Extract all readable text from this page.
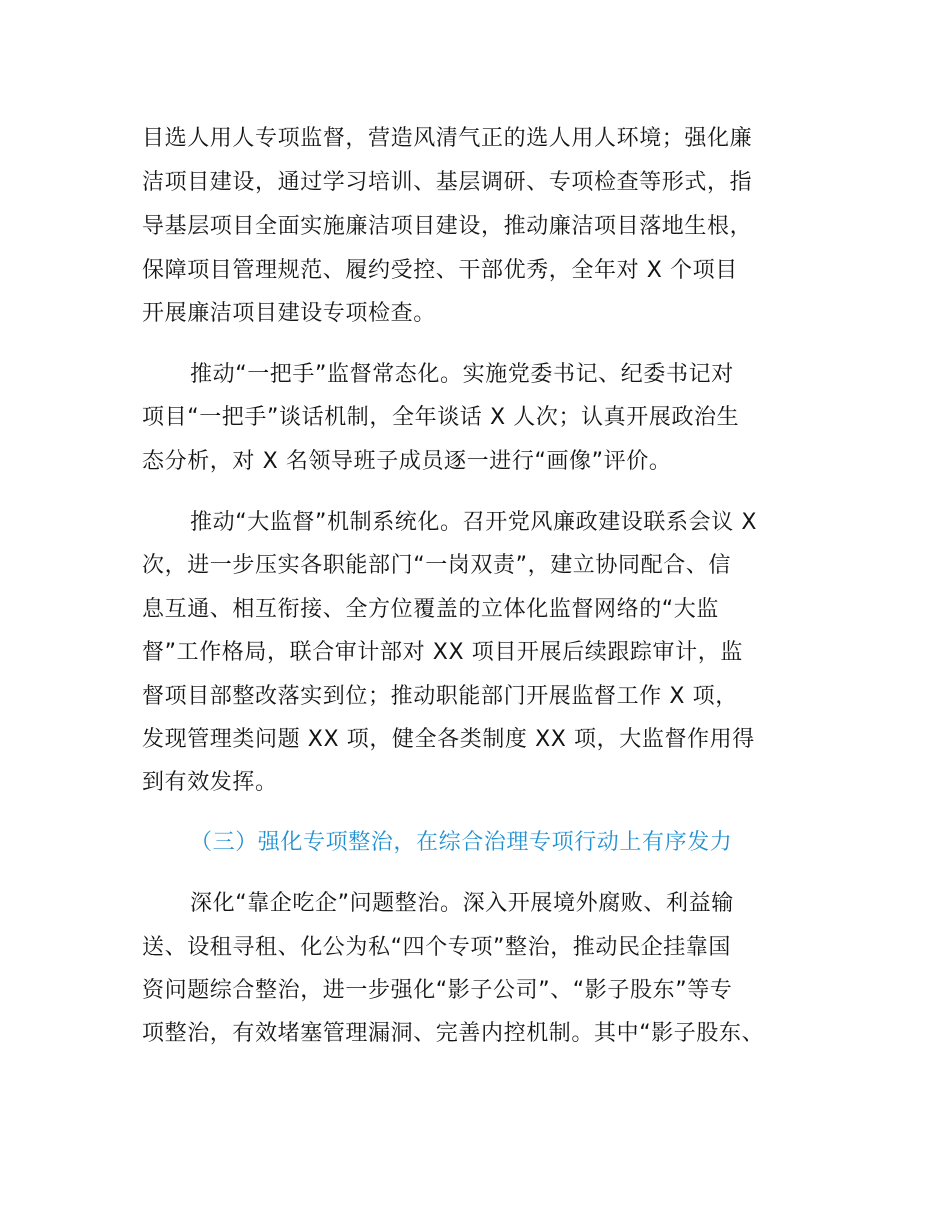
目选人用人专项监督，营造风清气正的选人用人环境；强化廉

洁项目建设，通过学习培训、基层调研、专项检查等形式，指

导基层项目全面实施廉洁项目建设，推动廉洁项目落地生根，

保障项目管理规范、履约受控、干部优秀，全年对 X 个项目

开展廉洁项目建设专项检查。

推动“一把手”监督常态化。实施党委书记、纪委书记对

项目“一把手”谈话机制，全年谈话 X 人次；认真开展政治生

态分析，对 X 名领导班子成员逐一进行“画像”评价。

推动“大监督”机制系统化。召开党风廉政建设联系会议 X

次，进一步压实各职能部门“一岗双责”，建立协同配合、信

息互通、相互衔接、全方位覆盖的立体化监督网络的“大监

督”工作格局，联合审计部对 XX 项目开展后续跟踪审计，监

督项目部整改落实到位；推动职能部门开展监督工作 X 项，

发现管理类问题 XX 项，健全各类制度 XX 项，大监督作用得

到有效发挥。

（三）强化专项整治，在综合治理专项行动上有序发力

深化“靠企吃企”问题整治。深入开展境外腐败、利益输

送、设租寻租、化公为私“四个专项”整治，推动民企挂靠国

资问题综合整治，进一步强化“影子公司”、“影子股东”等专

项整治，有效堵塞管理漏洞、完善内控机制。其中“影子股东、
